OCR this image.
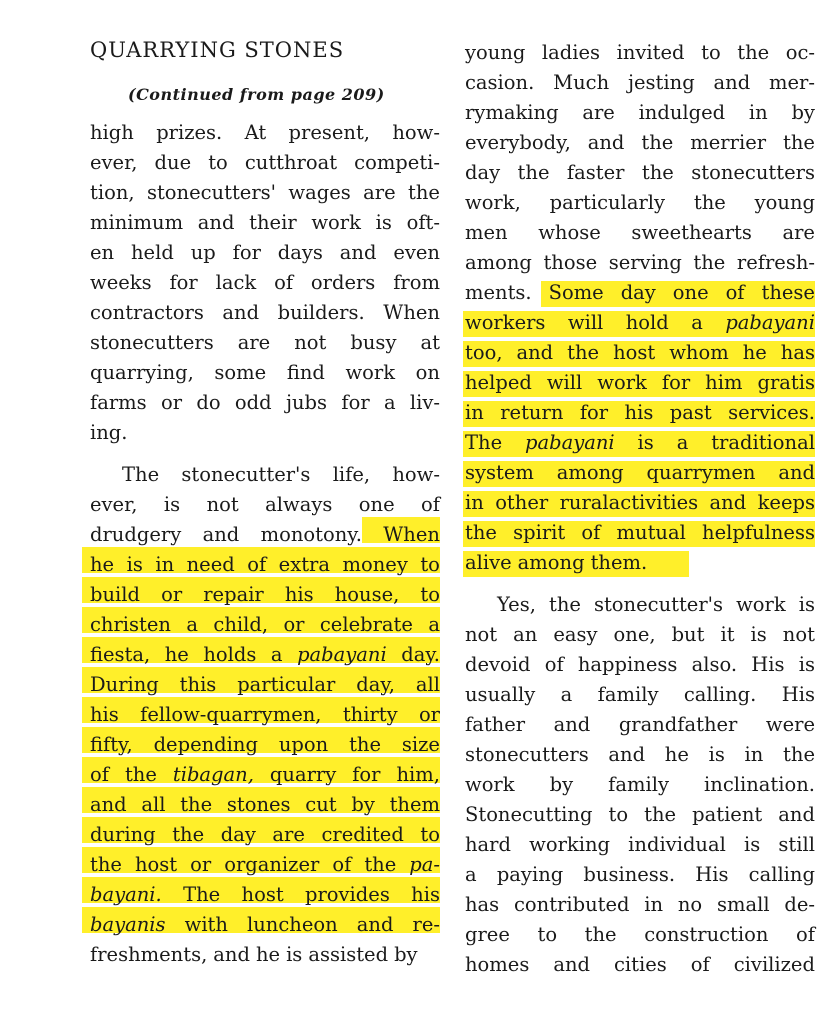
QUARRYING STONES
(Continued from page 209)
high prizes. At present, how-
ever, due to cutthroat competi-
tion, stonecutters' wages are the
minimum and their work is oft-
en held up for days and even
weeks for lack of orders from
contractors and builders. When
stonecutters are not busy at
quarrying, some find work on
farms or do odd jubs for a liv-
ing.
The stonecutter's life, how-
ever, is not always one of
drudgery and monotony. When
he is in need of extra money to
build or repair his house, to
christen a child, or celebrate a
fiesta, he holds a pabayani day.
During this particular day, all
his fellow-quarrymen, thirty or
fifty, depending upon the size
of the tibagan, quarry for him,
and all the stones cut by them
during the day are credited to
the host or organizer of the pa-
bayani. The host provides his
bayanis with luncheon and re-
freshments, and he is assisted by
young ladies invited to the oc-
casion. Much jesting and mer-
rymaking are indulged in by
everybody, and the merrier the
day the faster the stonecutters
work, particularly the young
men whose sweethearts are
among those serving the refresh-
ments. Some day one of these
workers will hold a pabayani
too, and the host whom he has
helped will work for him gratis
in return for his past services.
The pabayani is a traditional
system among quarrymen and
in other ruralactivities and keeps
the spirit of mutual helpfulness
alive among them.
Yes, the stonecutter's work is
not an easy one, but it is not
devoid of happiness also. His is
usually a family calling. His
father and grandfather were
stonecutters and he is in the
work by family inclination.
Stonecutting to the patient and
hard working individual is still
a paying business. His calling
has contributed in no small de-
gree to the construction of
homes and cities of civilized
